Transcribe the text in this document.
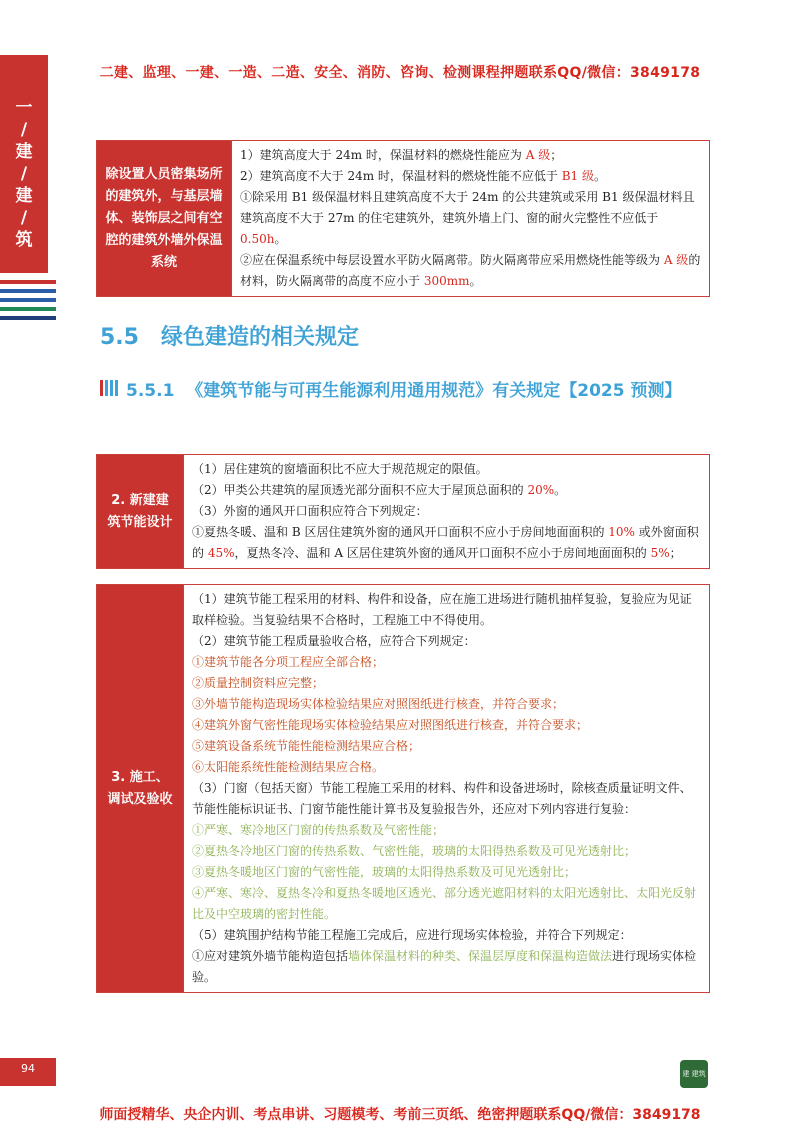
二建、监理、一建、一造、二造、安全、消防、咨询、检测课程押题联系QQ/微信：3849178
一
/
建
/
建
/
筑
除设置人员密集场所的建筑外，与基层墙体、装饰层之间有空腔的建筑外墙外保温系统	
1）建筑高度大于 24m 时，保温材料的燃烧性能应为 A 级；
2）建筑高度不大于 24m 时，保温材料的燃烧性能不应低于 B1 级。
①除采用 B1 级保温材料且建筑高度不大于 24m 的公共建筑或采用 B1 级保温材料且建筑高度不大于 27m 的住宅建筑外，建筑外墙上门、窗的耐火完整性不应低于 0.50h。
②应在保温系统中每层设置水平防火隔离带。防火隔离带应采用燃烧性能等级为 A 级的材料，防火隔离带的高度不应小于 300mm。
5.5 绿色建造的相关规定
5.5.1 《建筑节能与可再生能源利用通用规范》有关规定【2025 预测】
2. 新建建筑节能设计	
（1）居住建筑的窗墙面积比不应大于规范规定的限值。
（2）甲类公共建筑的屋顶透光部分面积不应大于屋顶总面积的 20%。
（3）外窗的通风开口面积应符合下列规定：
①夏热冬暖、温和 B 区居住建筑外窗的通风开口面积不应小于房间地面面积的 10% 或外窗面积的 45%，夏热冬冷、温和 A 区居住建筑外窗的通风开口面积不应小于房间地面面积的 5%；
3. 施工、调试及验收	
（1）建筑节能工程采用的材料、构件和设备，应在施工进场进行随机抽样复验，复验应为见证取样检验。当复验结果不合格时，工程施工中不得使用。
（2）建筑节能工程质量验收合格，应符合下列规定：
①建筑节能各分项工程应全部合格；
②质量控制资料应完整；
③外墙节能构造现场实体检验结果应对照图纸进行核查，并符合要求；
④建筑外窗气密性能现场实体检验结果应对照图纸进行核查，并符合要求；
⑤建筑设备系统节能性能检测结果应合格；
⑥太阳能系统性能检测结果应合格。
（3）门窗（包括天窗）节能工程施工采用的材料、构件和设备进场时，除核查质量证明文件、节能性能标识证书、门窗节能性能计算书及复验报告外，还应对下列内容进行复验：
①严寒、寒冷地区门窗的传热系数及气密性能；
②夏热冬冷地区门窗的传热系数、气密性能，玻璃的太阳得热系数及可见光透射比；
③夏热冬暖地区门窗的气密性能，玻璃的太阳得热系数及可见光透射比；
④严寒、寒冷、夏热冬冷和夏热冬暖地区透光、部分透光遮阳材料的太阳光透射比、太阳光反射比及中空玻璃的密封性能。
（5）建筑围护结构节能工程施工完成后，应进行现场实体检验，并符合下列规定：
①应对建筑外墙节能构造包括墙体保温材料的种类、保温层厚度和保温构造做法进行现场实体检验。
94	建 建筑
师面授精华、央企内训、考点串讲、习题模考、考前三页纸、绝密押题联系QQ/微信：3849178
